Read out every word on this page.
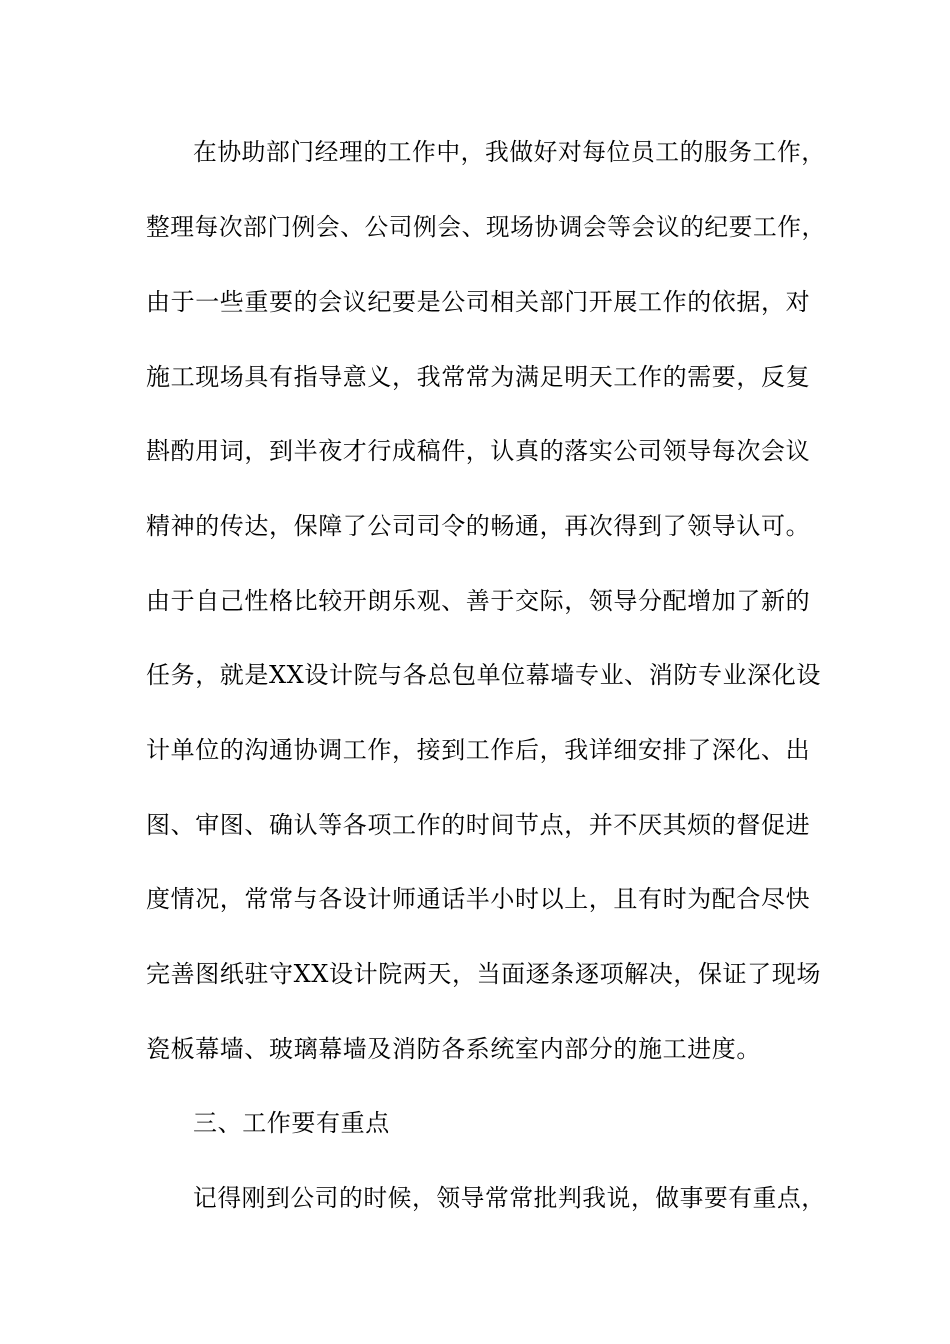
在协助部门经理的工作中，我做好对每位员工的服务工作，
整理每次部门例会、公司例会、现场协调会等会议的纪要工作，
由于一些重要的会议纪要是公司相关部门开展工作的依据，对
施工现场具有指导意义，我常常为满足明天工作的需要，反复
斟酌用词，到半夜才行成稿件，认真的落实公司领导每次会议
精神的传达，保障了公司司令的畅通，再次得到了领导认可。
由于自己性格比较开朗乐观、善于交际，领导分配增加了新的
任务，就是XX设计院与各总包单位幕墙专业、消防专业深化设
计单位的沟通协调工作，接到工作后，我详细安排了深化、出
图、审图、确认等各项工作的时间节点，并不厌其烦的督促进
度情况，常常与各设计师通话半小时以上，且有时为配合尽快
完善图纸驻守XX设计院两天，当面逐条逐项解决，保证了现场
瓷板幕墙、玻璃幕墙及消防各系统室内部分的施工进度。
三、工作要有重点
记得刚到公司的时候，领导常常批判我说，做事要有重点，
